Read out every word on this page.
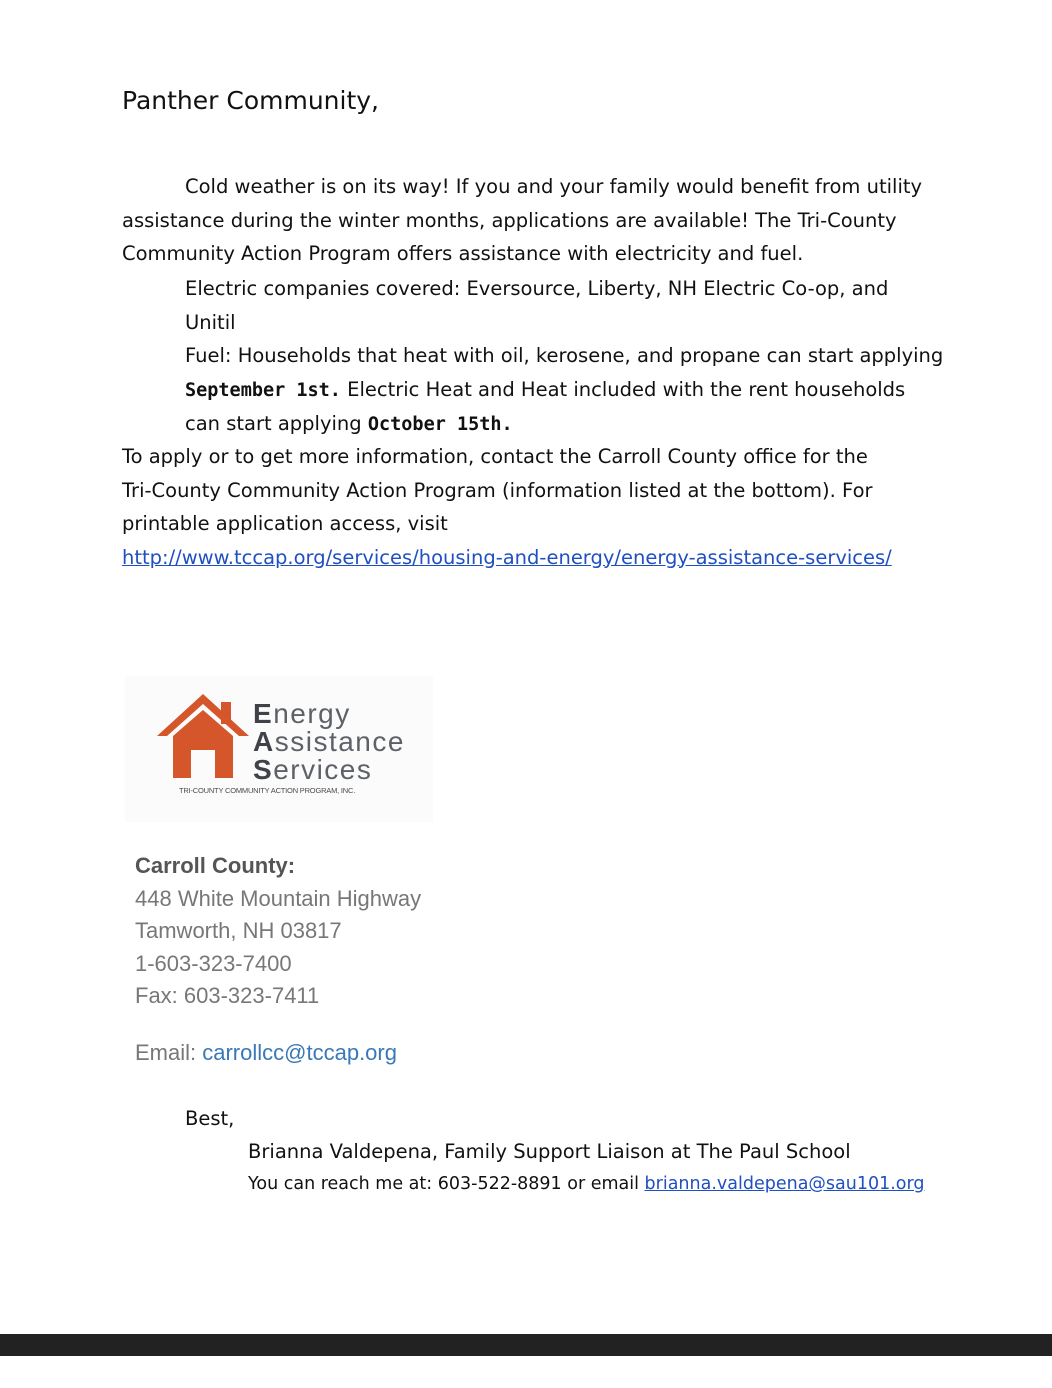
Panther Community,
Cold weather is on its way! If you and your family would benefit from utility
assistance during the winter months, applications are available! The Tri-County
Community Action Program offers assistance with electricity and fuel.

Electric companies covered: Eversource, Liberty, NH Electric Co-op, and

Unitil

Fuel: Households that heat with oil, kerosene, and propane can start applying

September 1st. Electric Heat and Heat included with the rent households

can start applying October 15th.

To apply or to get more information, contact the Carroll County office for the

Tri-County Community Action Program (information listed at the bottom). For

printable application access, visit

http://www.tccap.org/services/housing-and-energy/energy-assistance-services/

Energy
Assistance
Services
TRI-COUNTY COMMUNITY ACTION PROGRAM, INC.
Carroll County:
448 White Mountain Highway
Tamworth, NH 03817
1-603-323-7400
Fax: 603-323-7411
Email: carrollcc@tccap.org
Best,
Brianna Valdepena, Family Support Liaison at The Paul School
You can reach me at: 603-522-8891 or email brianna.valdepena@sau101.org
